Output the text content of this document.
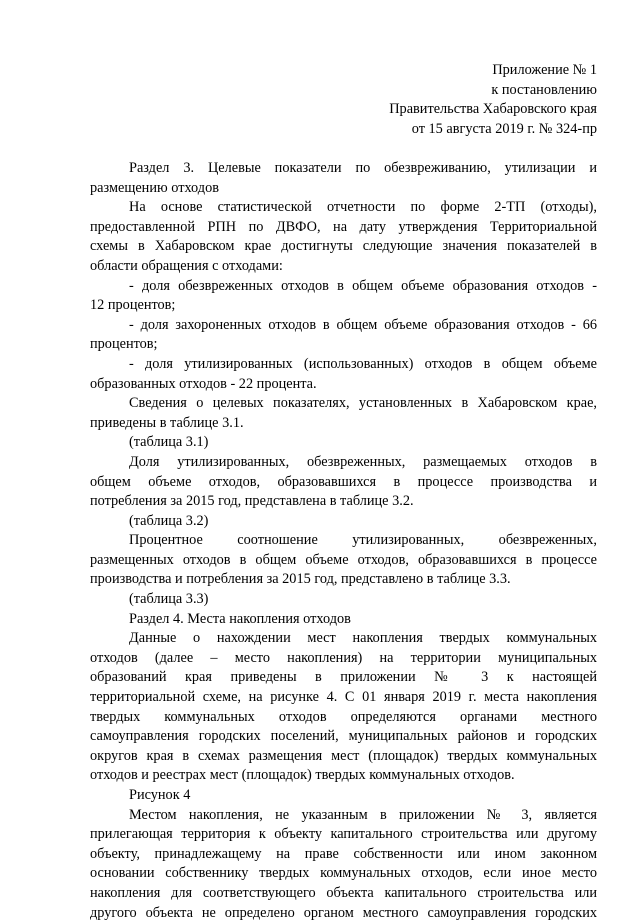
Приложение № 1
к постановлению
Правительства Хабаровского края
от 15 августа 2019 г. № 324-пр
Раздел 3. Целевые показатели по обезвреживанию, утилизации и
размещению отходов
На основе статистической отчетности по форме 2-ТП (отходы),
предоставленной РПН по ДВФО, на дату утверждения Территориальной
схемы в Хабаровском крае достигнуты следующие значения показателей в
области обращения с отходами:
- доля обезвреженных отходов в общем объеме образования отходов -
12 процентов;
- доля захороненных отходов в общем объеме образования отходов - 66
процентов;
- доля утилизированных (использованных) отходов в общем объеме
образованных отходов - 22 процента.
Сведения о целевых показателях, установленных в Хабаровском крае,
приведены в таблице 3.1.
(таблица 3.1)
Доля утилизированных, обезвреженных, размещаемых отходов в
общем объеме отходов, образовавшихся в процессе производства и
потребления за 2015 год, представлена в таблице 3.2.
(таблица 3.2)
Процентное соотношение утилизированных, обезвреженных,
размещенных отходов в общем объеме отходов, образовавшихся в процессе
производства и потребления за 2015 год, представлено в таблице 3.3.
(таблица 3.3)
Раздел 4. Места накопления отходов
Данные о нахождении мест накопления твердых коммунальных
отходов (далее – место накопления) на территории муниципальных
образований края приведены в приложении № 3 к настоящей
территориальной схеме, на рисунке 4. С 01 января 2019 г. места накопления
твердых коммунальных отходов определяются органами местного
самоуправления городских поселений, муниципальных районов и городских
округов края в схемах размещения мест (площадок) твердых коммунальных
отходов и реестрах мест (площадок) твердых коммунальных отходов.
Рисунок 4
Местом накопления, не указанным в приложении № 3, является
прилегающая территория к объекту капитального строительства или другому
объекту, принадлежащему на праве собственности или ином законном
основании собственнику твердых коммунальных отходов, если иное место
накопления для соответствующего объекта капитального строительства или
другого объекта не определено органом местного самоуправления городских
